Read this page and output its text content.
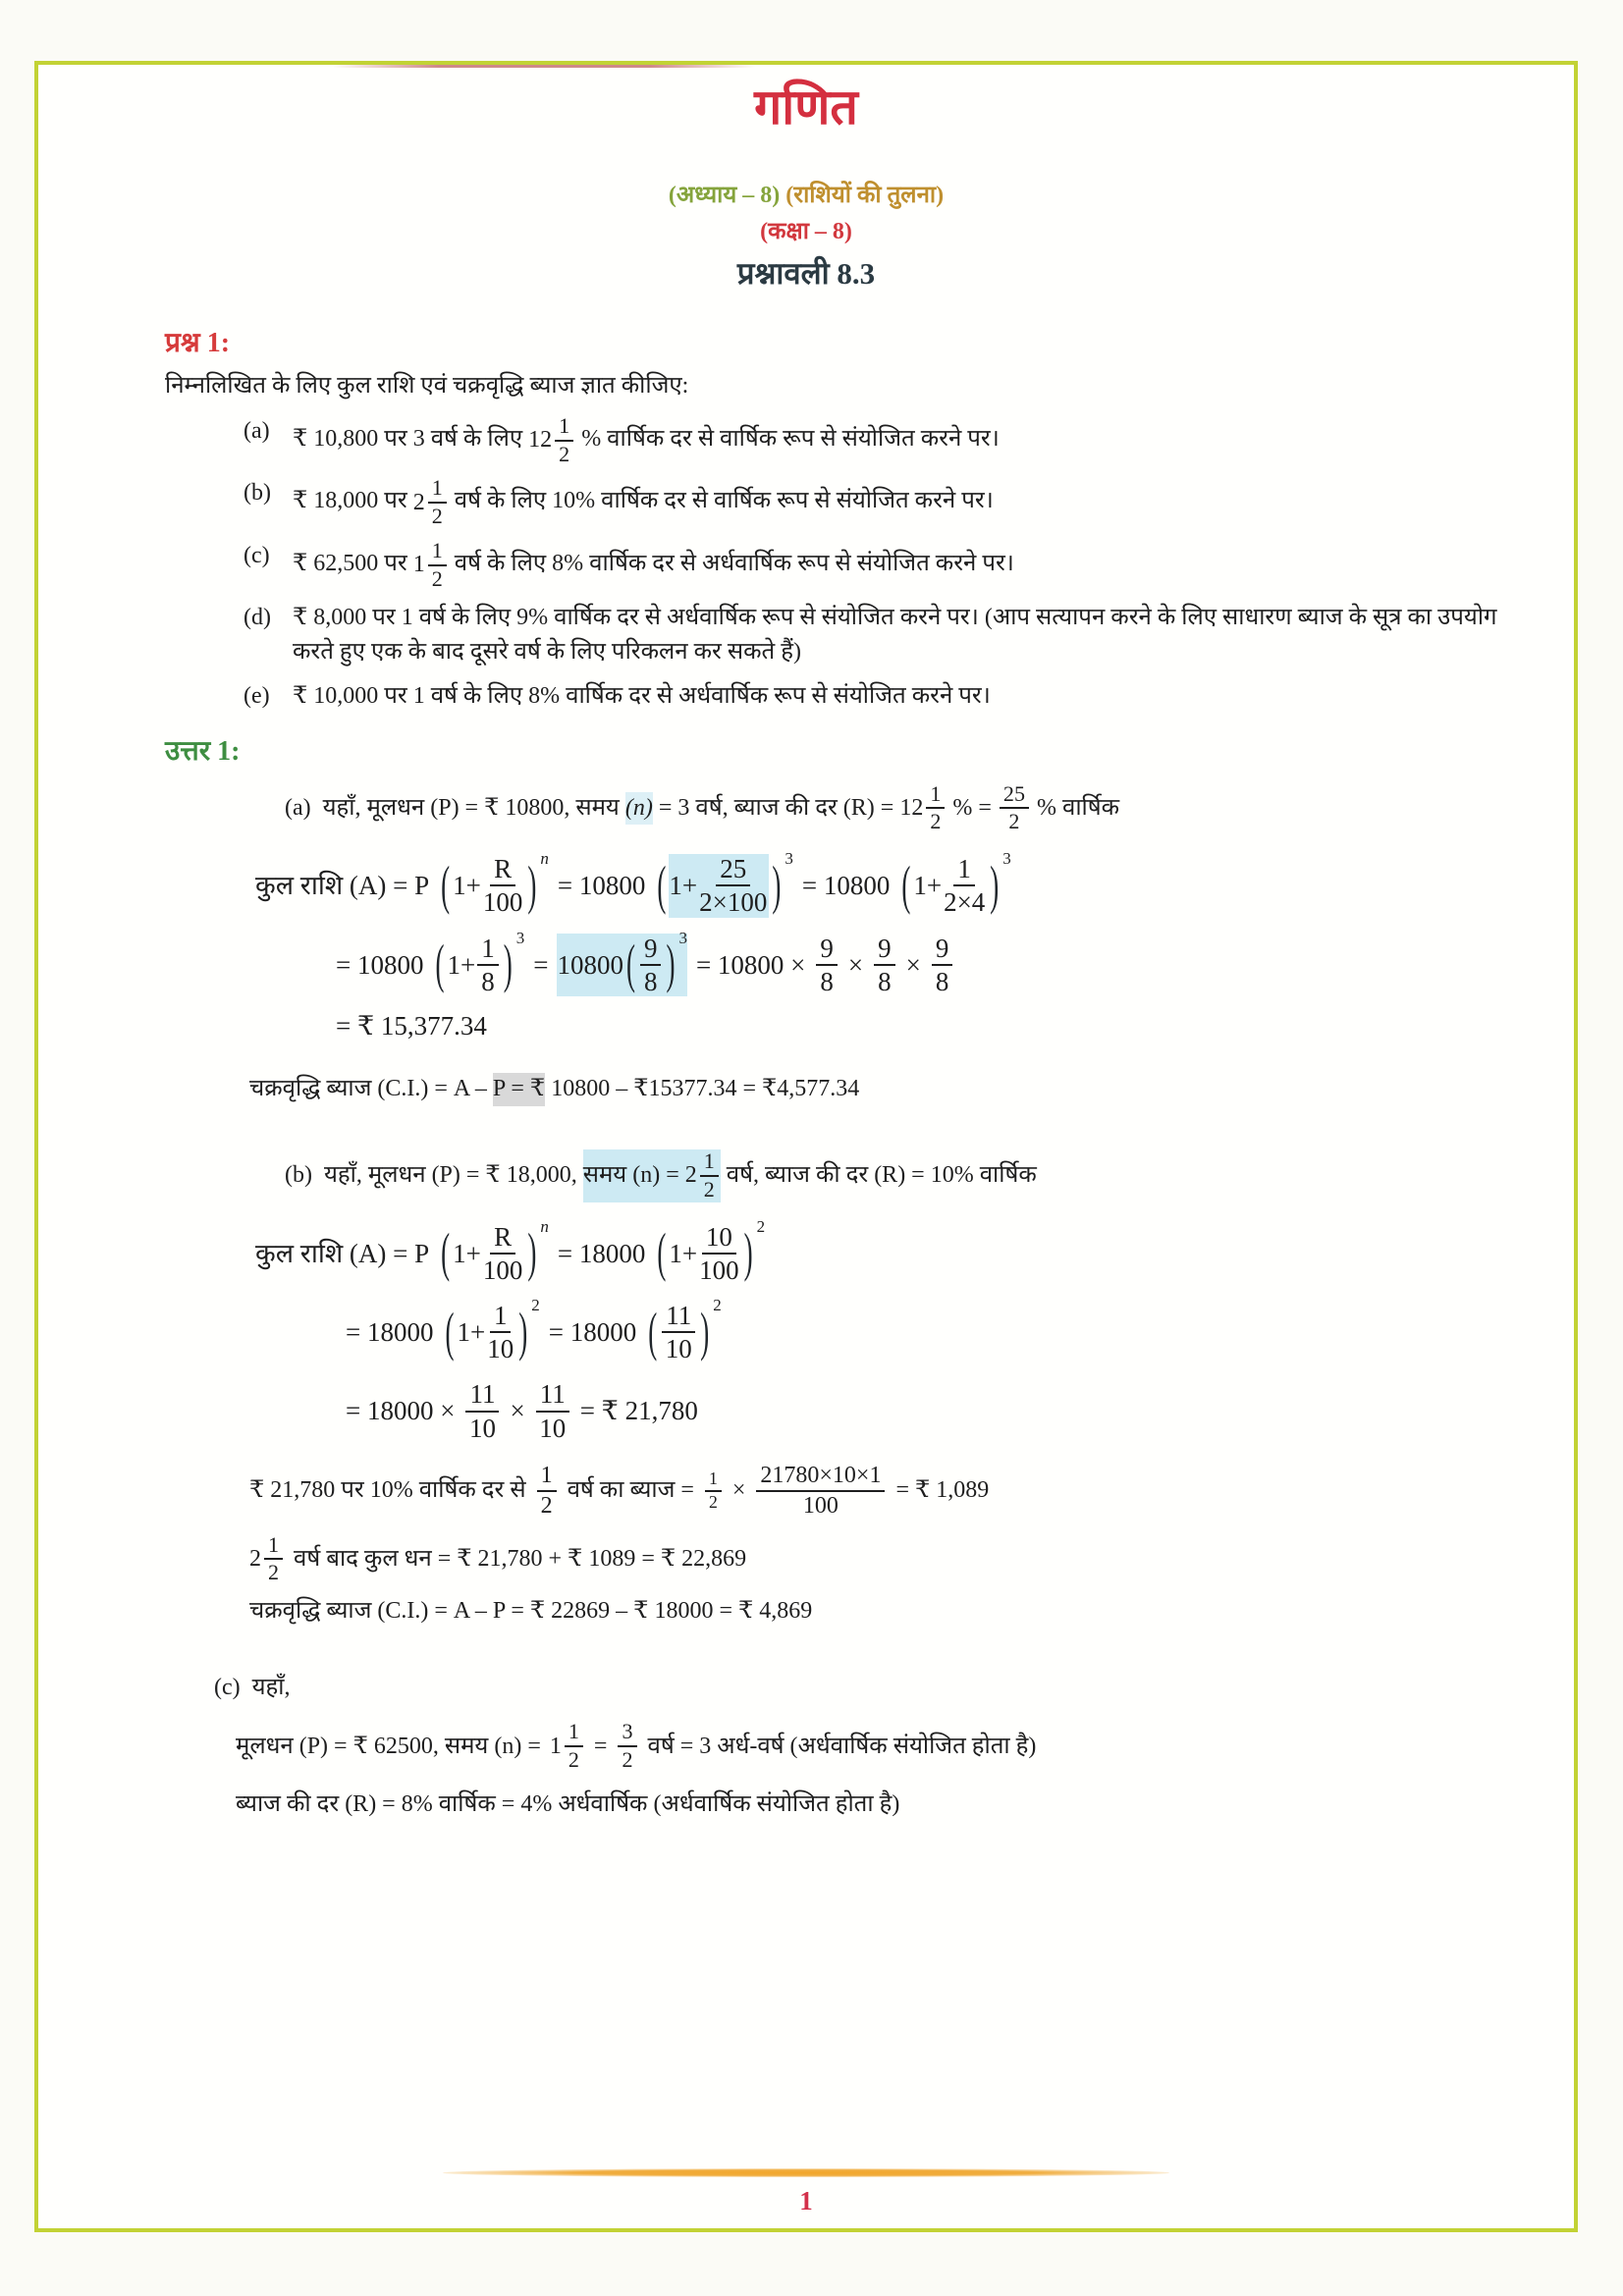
गणित
(अध्याय – 8) (राशियों की तुलना)
(कक्षा – 8)
प्रश्नावली 8.3
प्रश्न 1:
निम्नलिखित के लिए कुल राशि एवं चक्रवृद्धि ब्याज ज्ञात कीजिए:
(a) ₹ 10,800 पर 3 वर्ष के लिए $12 \frac{1}{2}$ % वार्षिक दर से वार्षिक रूप से संयोजित करने पर।
(b) ₹ 18,000 पर $2 \frac{1}{2}$ वर्ष के लिए 10% वार्षिक दर से वार्षिक रूप से संयोजित करने पर।
(c) ₹ 62,500 पर $1 \frac{1}{2}$ वर्ष के लिए 8% वार्षिक दर से अर्धवार्षिक रूप से संयोजित करने पर।
(d) ₹ 8,000 पर 1 वर्ष के लिए 9% वार्षिक दर से अर्धवार्षिक रूप से संयोजित करने पर। (आप सत्यापन करने के लिए साधारण ब्याज के सूत्र का उपयोग करते हुए एक के बाद दूसरे वर्ष के लिए परिकलन कर सकते हैं)
(e) ₹ 10,000 पर 1 वर्ष के लिए 8% वार्षिक दर से अर्धवार्षिक रूप से संयोजित करने पर।
उत्तर 1:
(a) यहाँ, मूलधन (P) = ₹ 10800, समय (n) = 3 वर्ष, ब्याज की दर $(R) = 12 \frac{1}{2}$ % = $\frac{25}{2}$ % वार्षिक
कुल राशि (A) = P ( $1+ \frac{R}{100}$ ) n
= 10800 ( $1+ \frac{25}{2\times 100}$ ) 3
= 10800 ( $1+ \frac{1}{2\times 4}$ ) 3
= 10800 ( $1+ \frac{1}{8}$ ) 3
= 10800 ( $\frac{9}{8}$ ) 3
= $10800 \times \frac{9}{8} \times \frac{9}{8} \times \frac{9}{8}$
= ₹ 15,377.34
चक्रवृद्धि ब्याज (C.I.) = A – P = ₹ 10800 – ₹15377.34 = ₹4,577.34
(b) यहाँ, मूलधन (P) = ₹ 18,000, समय (n) =
$2 \frac{1}{2}$ वर्ष, ब्याज की दर (R) = 10% वार्षिक
कुल राशि (A) = P ( $1+ \frac{R}{100}$ ) n
= 18000 ( $1+ \frac{10}{100}$ ) 2
= 18000 ( $1+ \frac{1}{10}$ ) 2
= 18000 ( $\frac{11}{10}$ ) 2
= $18000 \times \frac{11}{10} \times \frac{11}{10}$ = ₹ 21,780
₹ 21,780 पर 10% वार्षिक दर से $\frac{1}{2}$ वर्ष का ब्याज = $\frac{1}{2} \times \frac{21780\times 10\times 1}{100}$ = ₹ 1,089
$2 \frac{1}{2}$ वर्ष बाद कुल धन = ₹ 21,780 + ₹ 1089 = ₹ 22,869
चक्रवृद्धि ब्याज (C.I.) = A – P = ₹ 22869 – ₹ 18000 = ₹ 4,869
(c) यहाँ,
मूलधन (P) = ₹ 62500, समय $(n) = 1 \frac{1}{2} = \frac{3}{2}$ वर्ष = 3 अर्ध-वर्ष (अर्धवार्षिक संयोजित होता है)
ब्याज की दर (R) = 8% वार्षिक = 4% अर्धवार्षिक (अर्धवार्षिक संयोजित होता है)
1
